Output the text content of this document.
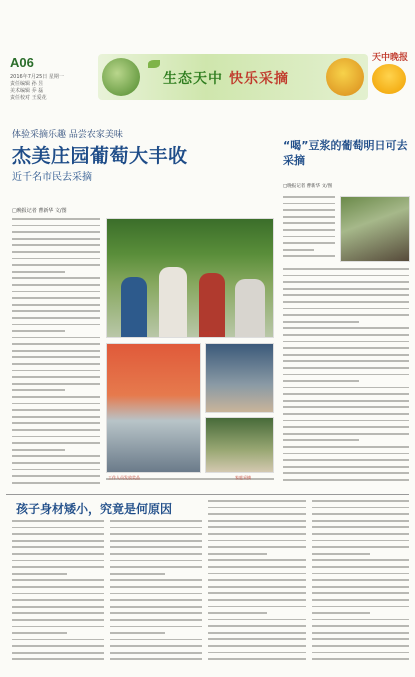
A06
2016年7月25日 星期一
责任编辑 孙 昱
美术编辑 乔 磊
责任校对 王爱花
生态天中 快乐采摘
天中晚报
体验采摘乐趣 品尝农家美味
杰美庄园葡萄大丰收
近千名市民去采摘
□晚报记者 曹新华 文/图
采摘葡萄
工作人员发放奖品	家庭采摘
“喝”豆浆的葡萄明日可去采摘
□晚报记者 曹新华 文/图
孩子身材矮小，究竟是何原因
